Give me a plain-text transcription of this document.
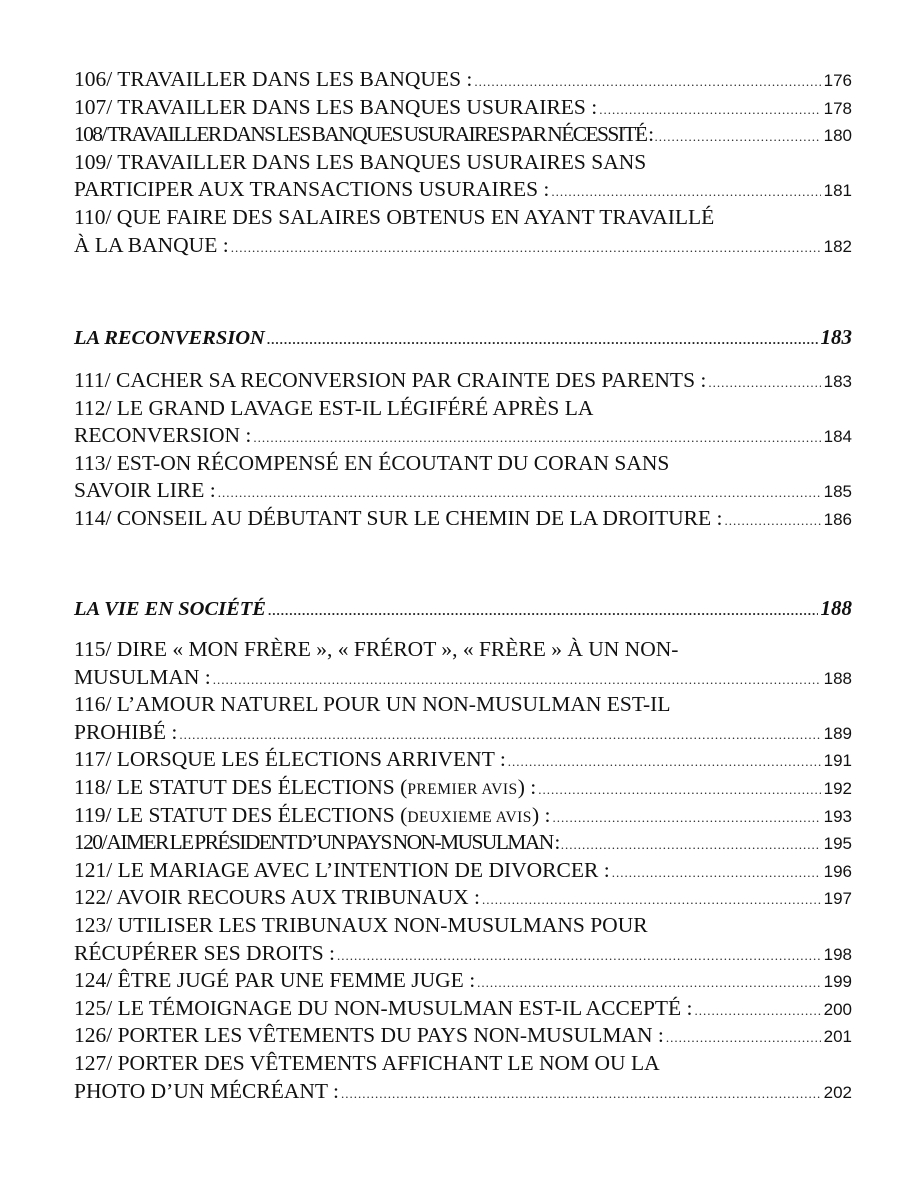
106/ TRAVAILLER DANS LES BANQUES : .....	176
107/ TRAVAILLER DANS LES BANQUES USURAIRES : .....	178
108/ TRAVAILLER DANS LES BANQUES USURAIRES PAR NÉCESSITÉ : .....	180
109/ TRAVAILLER DANS LES BANQUES USURAIRES SANS
PARTICIPER AUX TRANSACTIONS USURAIRES : .....	181
110/ QUE FAIRE DES SALAIRES OBTENUS EN AYANT TRAVAILLÉ
À LA BANQUE : .....	182
LA RECONVERSION .....	183
111/ CACHER SA RECONVERSION PAR CRAINTE DES PARENTS : .....	183
112/ LE GRAND LAVAGE EST-IL LÉGIFÉRÉ APRÈS LA
RECONVERSION : .....	184
113/ EST-ON RÉCOMPENSÉ EN ÉCOUTANT DU CORAN SANS
SAVOIR LIRE : .....	185
114/ CONSEIL AU DÉBUTANT SUR LE CHEMIN DE LA DROITURE : .....	186
LA VIE EN SOCIÉTÉ .....	188
115/ DIRE « MON FRÈRE », « FRÉROT », « FRÈRE » À UN NON-
MUSULMAN : .....	188
116/ L’AMOUR NATUREL POUR UN NON-MUSULMAN EST-IL
PROHIBÉ : .....	189
117/ LORSQUE LES ÉLECTIONS ARRIVENT : .....	191
118/ LE STATUT DES ÉLECTIONS (PREMIER AVIS) : .....	192
119/ LE STATUT DES ÉLECTIONS (DEUXIEME AVIS) : .....	193
120/ AIMER LE PRÉSIDENT D’UN PAYS NON-MUSULMAN : .....	195
121/ LE MARIAGE AVEC L’INTENTION DE DIVORCER : .....	196
122/ AVOIR RECOURS AUX TRIBUNAUX : .....	197
123/ UTILISER LES TRIBUNAUX NON-MUSULMANS POUR
RÉCUPÉRER SES DROITS : .....	198
124/ ÊTRE JUGÉ PAR UNE FEMME JUGE : .....	199
125/ LE TÉMOIGNAGE DU NON-MUSULMAN EST-IL ACCEPTÉ : .....	200
126/ PORTER LES VÊTEMENTS DU PAYS NON-MUSULMAN : .....	201
127/ PORTER DES VÊTEMENTS AFFICHANT LE NOM OU LA
PHOTO D’UN MÉCRÉANT : .....	202
